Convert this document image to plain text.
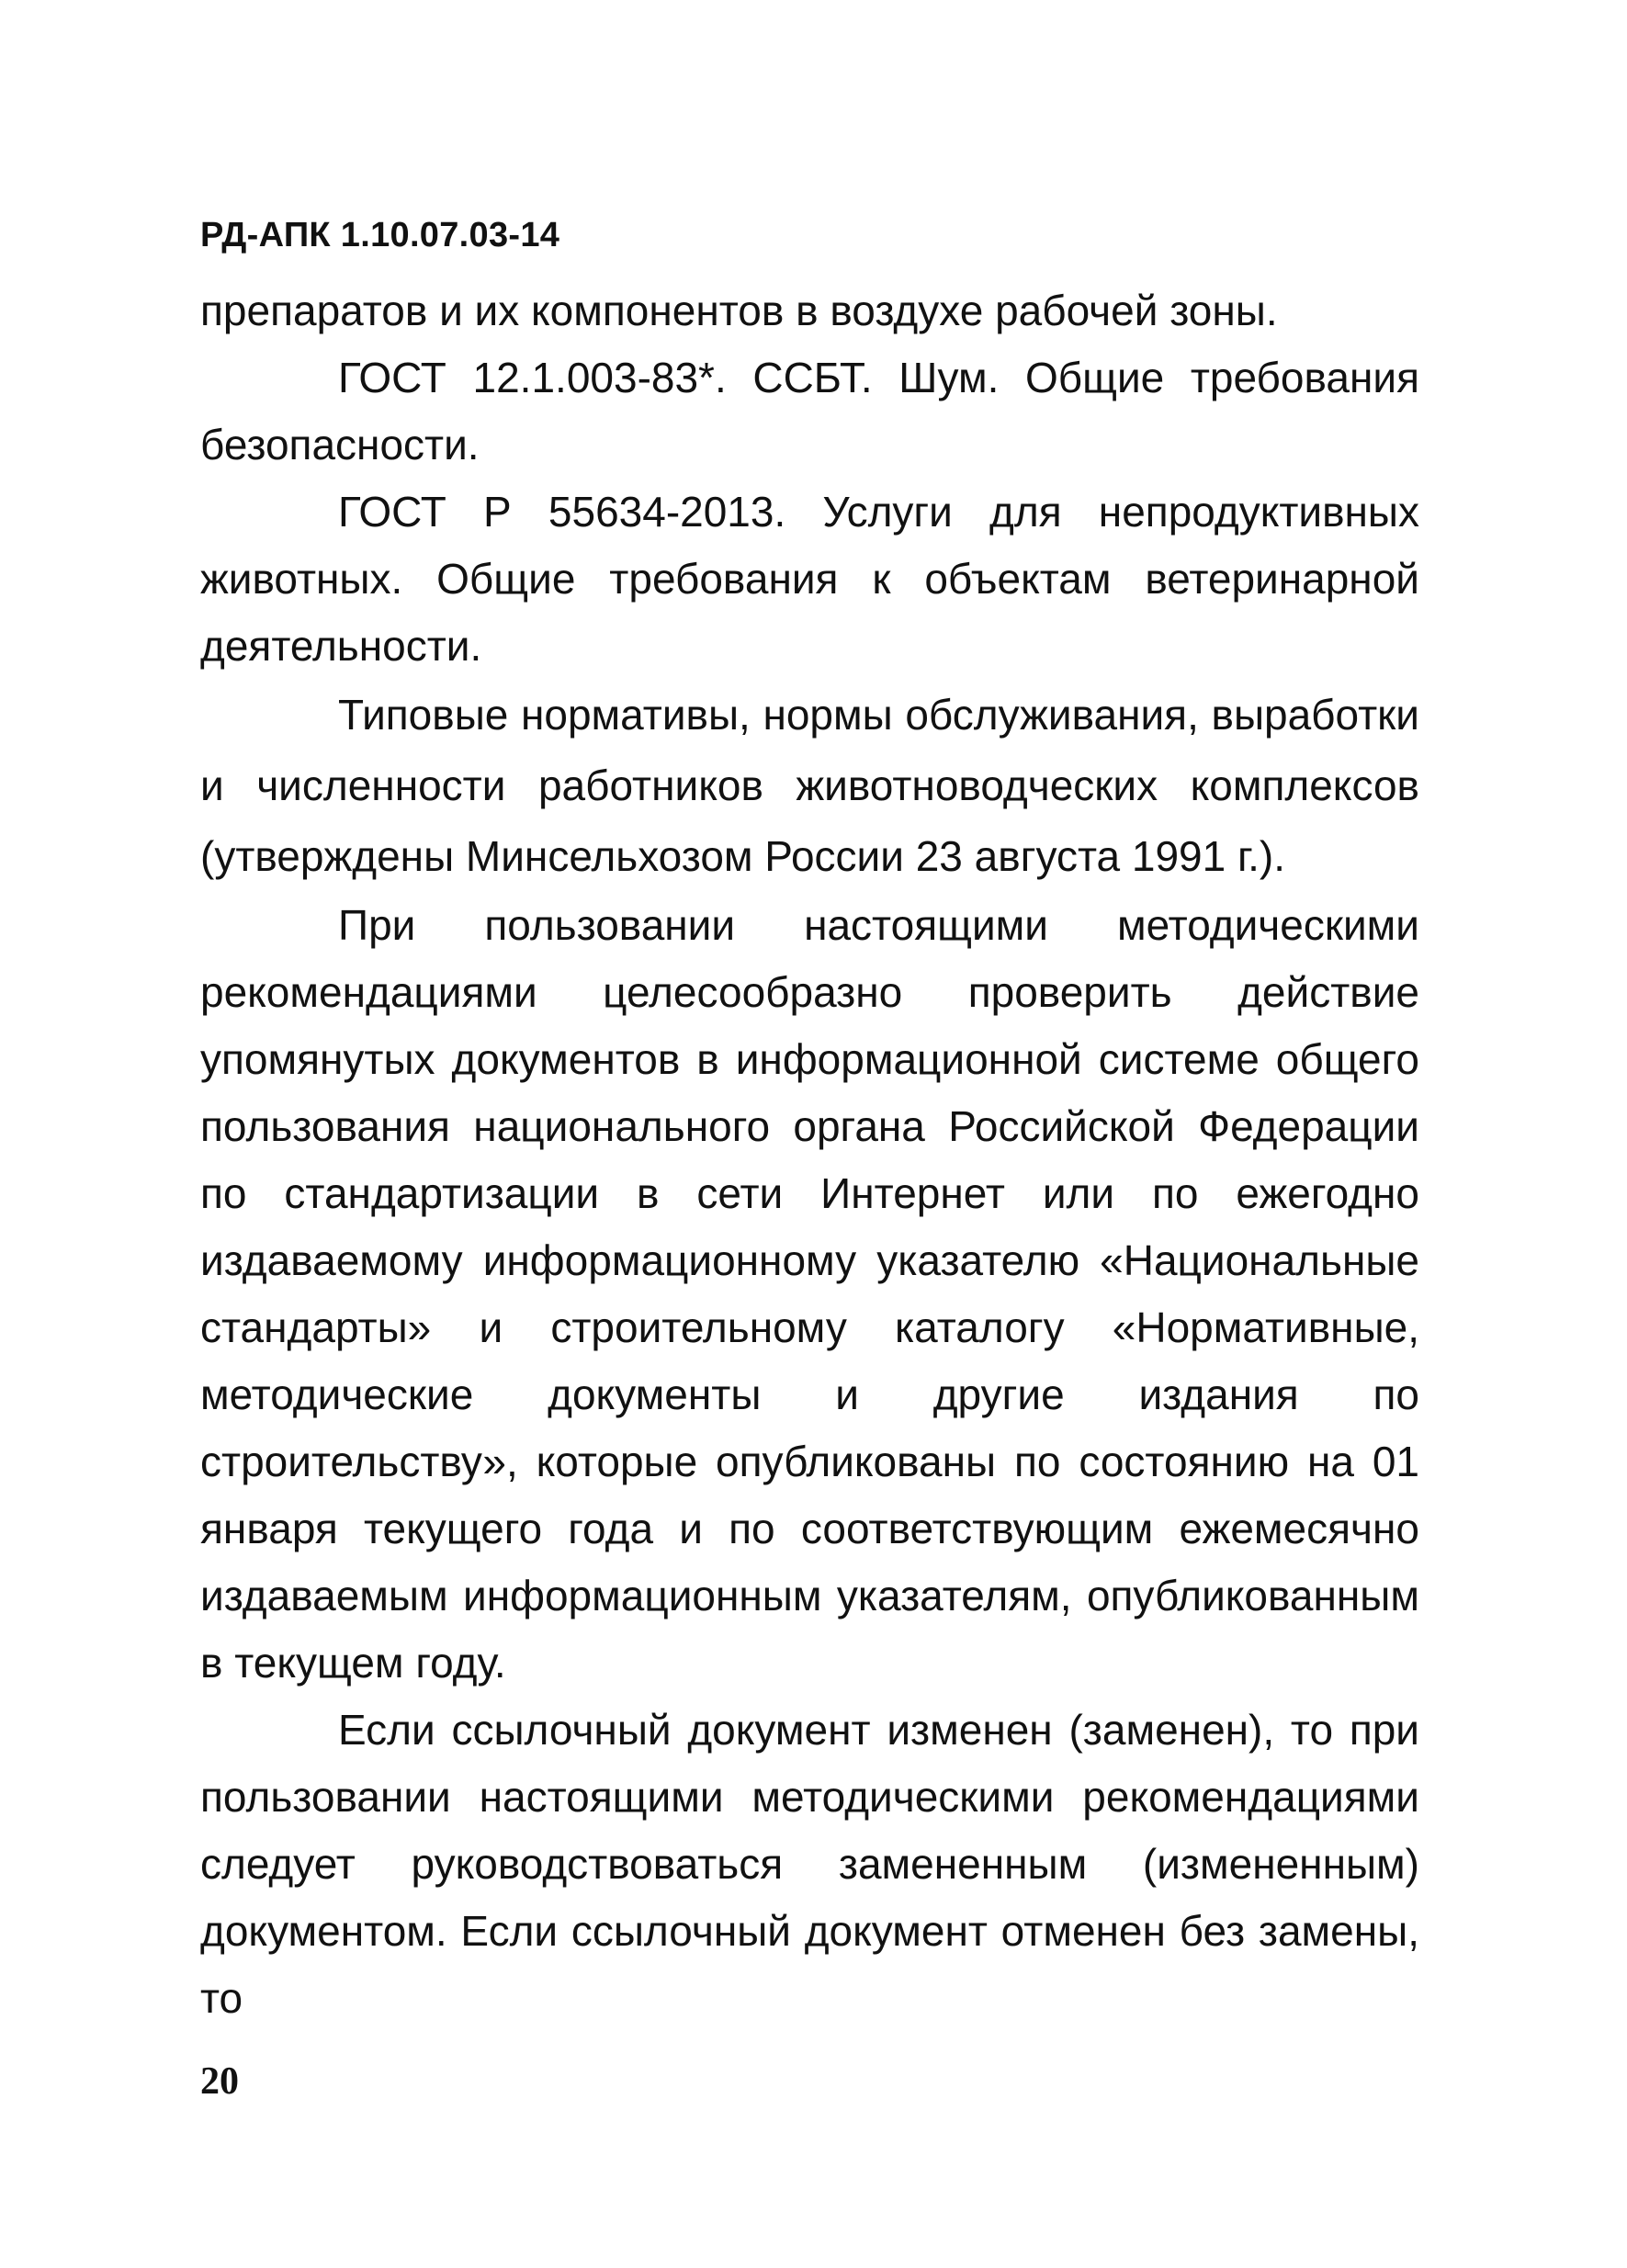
РД-АПК 1.10.07.03-14

препаратов и их компонентов в воздухе рабочей зоны.

ГОСТ 12.1.003-83*. ССБТ. Шум. Общие требования безопасности.

ГОСТ Р 55634-2013. Услуги для непродуктивных животных. Общие требования к объектам ветеринарной деятельности.

Типовые нормативы, нормы обслуживания, выработки и численности работников животноводческих комплексов (утверждены Минсельхозом России 23 августа 1991 г.).

При пользовании настоящими методическими рекомендациями целесообразно проверить действие упомянутых документов в информационной системе общего пользования национального органа Российской Федерации по стандартизации в сети Интернет или по ежегодно издаваемому информационному указателю «Национальные стандарты» и строительному каталогу «Нормативные, методические документы и другие издания по строительству», которые опубликованы по состоянию на 01 января текущего года и по соответствующим ежемесячно издаваемым информационным указателям, опубликованным в текущем году.

Если ссылочный документ изменен (заменен), то при пользовании настоящими методическими рекомендациями следует руководствоваться замененным (измененным) документом. Если ссылочный документ отменен без замены, то

20
